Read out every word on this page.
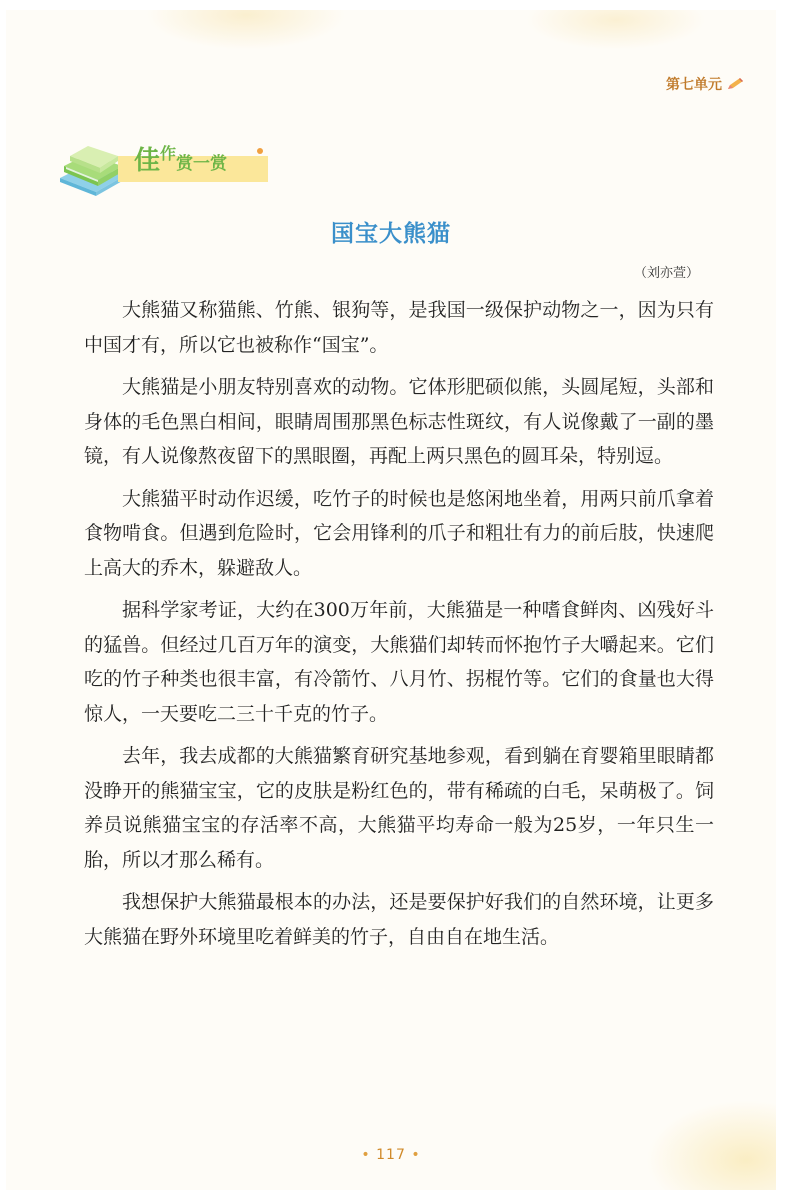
第七单元
佳 作
赏 一 赏
国宝大熊猫
（刘亦萱）

大熊猫又称猫熊、竹熊、银狗等，是我国一级保护动物之一，因为只有中国才有，所以它也被称作“国宝”。

大熊猫是小朋友特别喜欢的动物。它体形肥硕似熊，头圆尾短，头部和身体的毛色黑白相间，眼睛周围那黑色标志性斑纹，有人说像戴了一副的墨镜，有人说像熬夜留下的黑眼圈，再配上两只黑色的圆耳朵，特别逗。

大熊猫平时动作迟缓，吃竹子的时候也是悠闲地坐着，用两只前爪拿着食物啃食。但遇到危险时，它会用锋利的爪子和粗壮有力的前后肢，快速爬上高大的乔木，躲避敌人。

据科学家考证，大约在300万年前，大熊猫是一种嗜食鲜肉、凶残好斗的猛兽。但经过几百万年的演变，大熊猫们却转而怀抱竹子大嚼起来。它们吃的竹子种类也很丰富，有冷箭竹、八月竹、拐棍竹等。它们的食量也大得惊人，一天要吃二三十千克的竹子。

去年，我去成都的大熊猫繁育研究基地参观，看到躺在育婴箱里眼睛都没睁开的熊猫宝宝，它的皮肤是粉红色的，带有稀疏的白毛，呆萌极了。饲养员说熊猫宝宝的存活率不高，大熊猫平均寿命一般为25岁，一年只生一胎，所以才那么稀有。

我想保护大熊猫最根本的办法，还是要保护好我们的自然环境，让更多大熊猫在野外环境里吃着鲜美的竹子，自由自在地生活。

• 117 •
